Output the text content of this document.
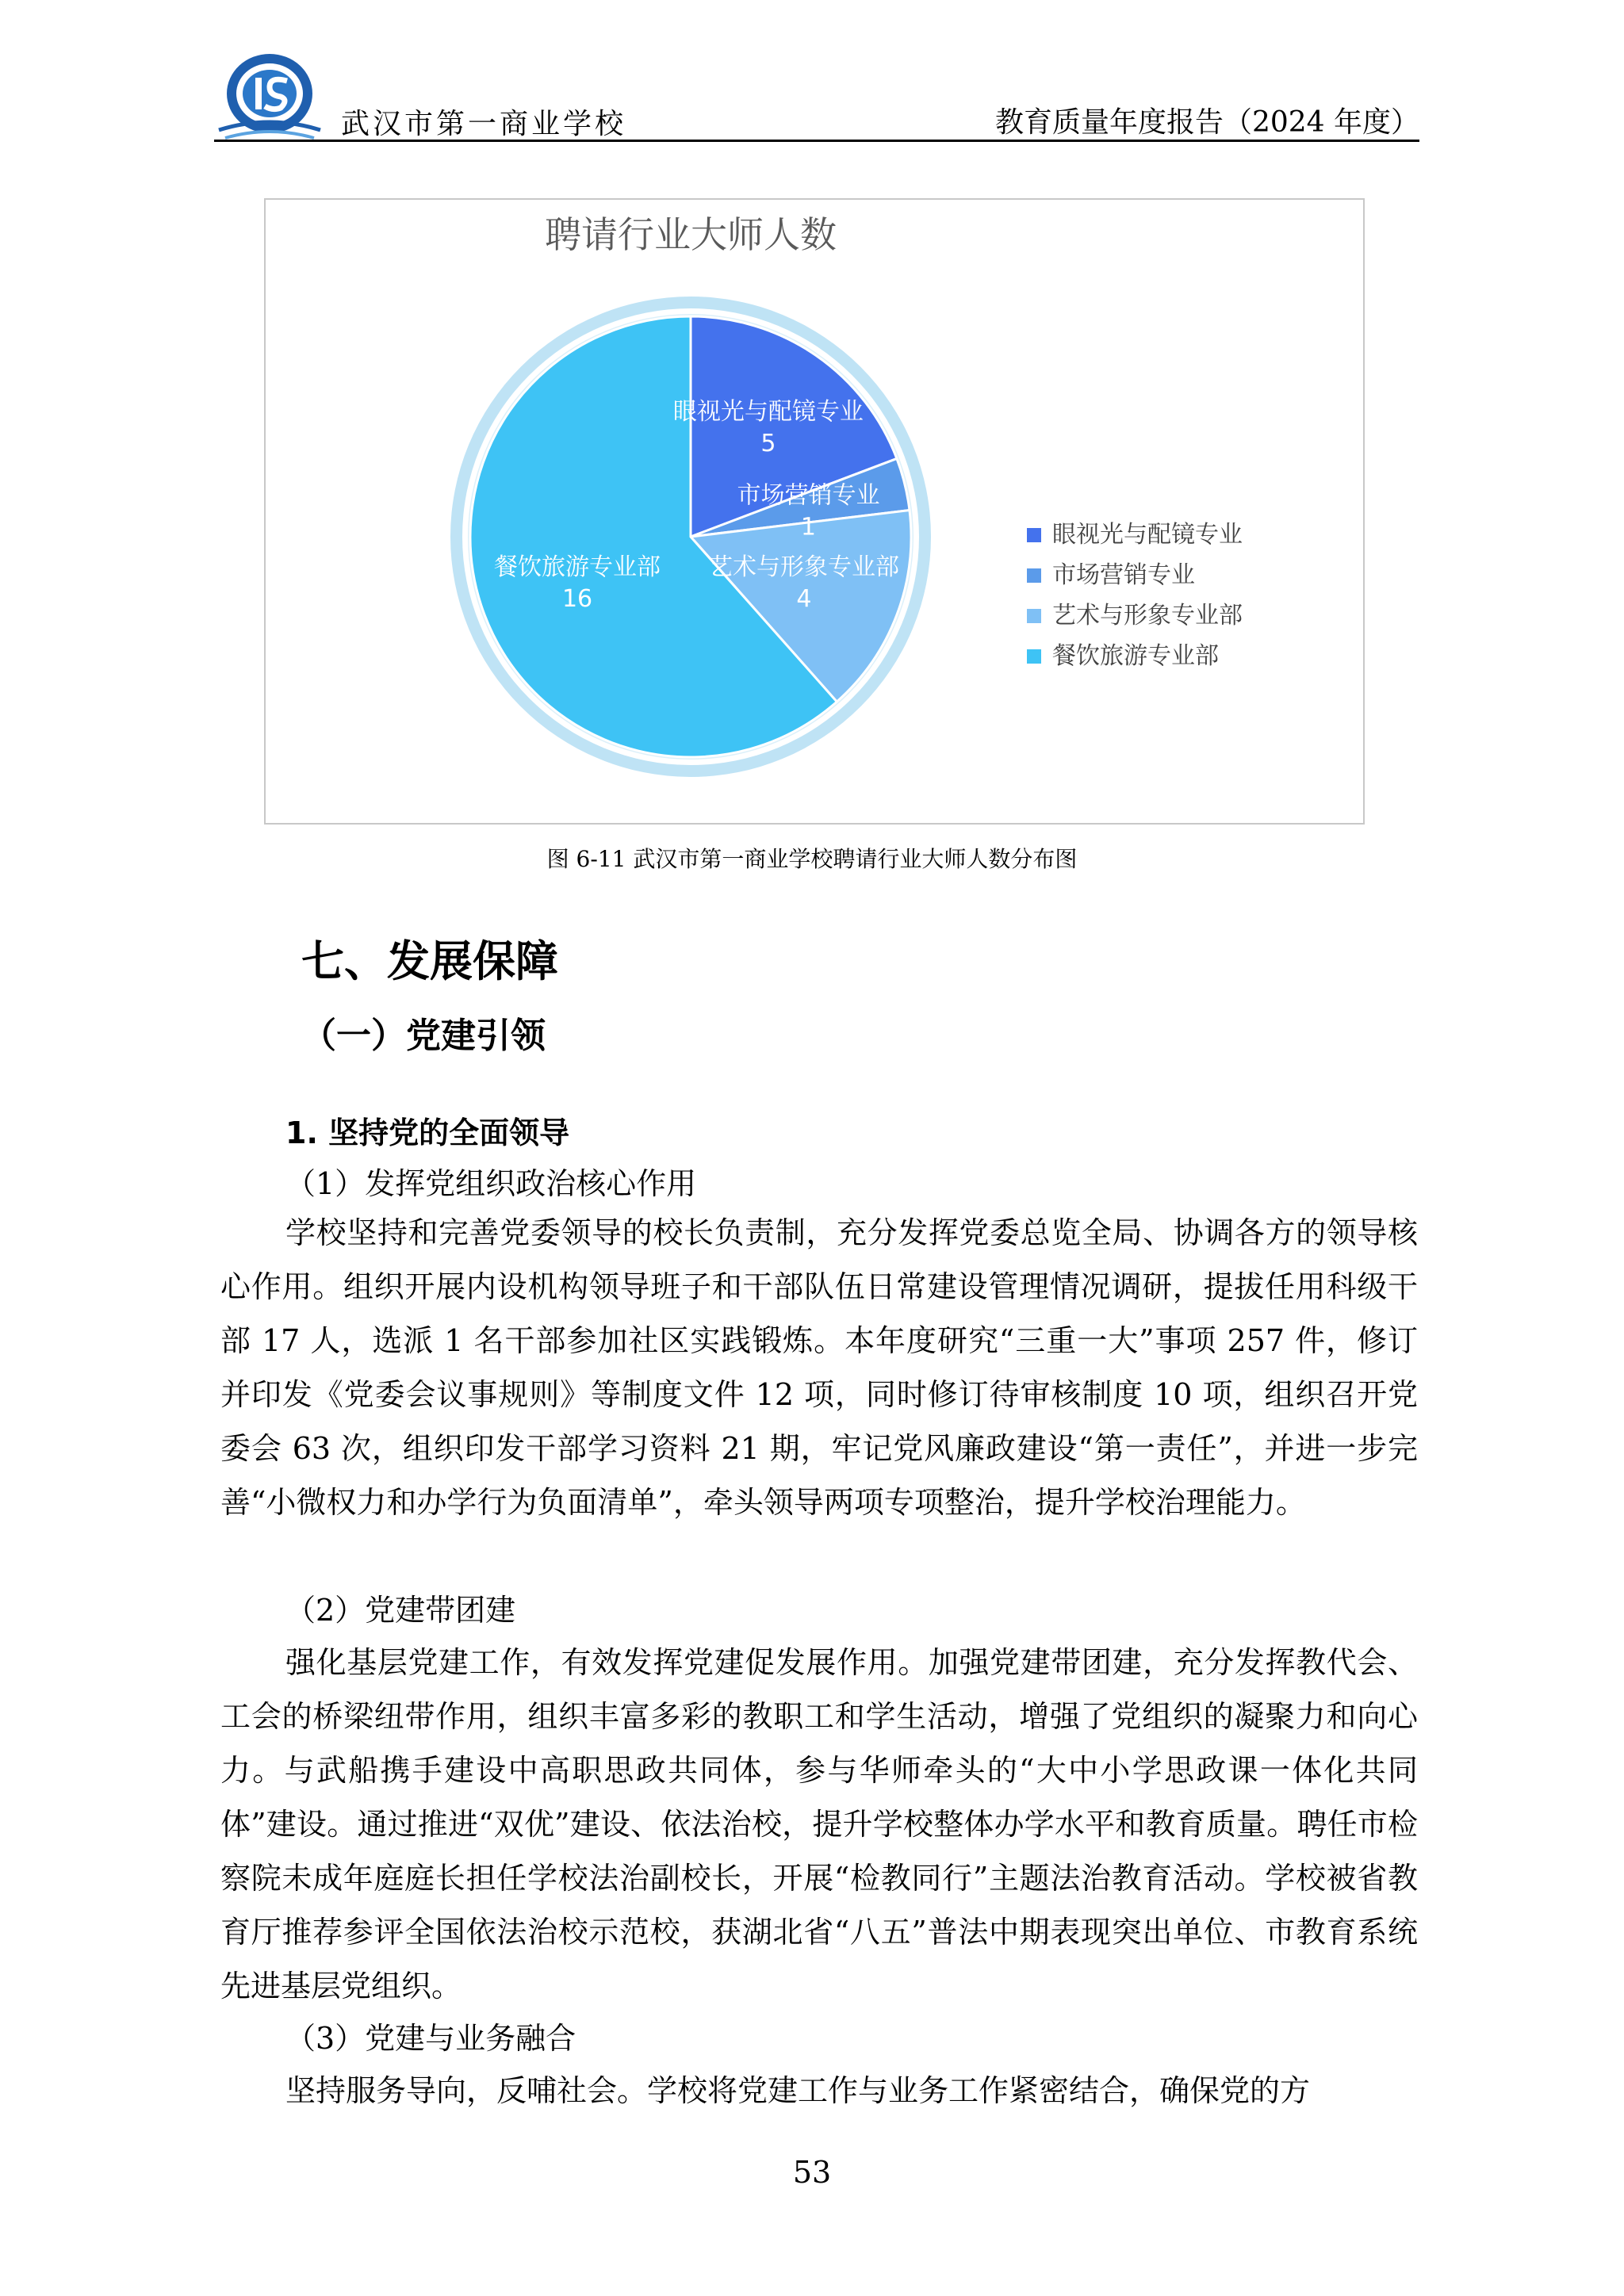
武汉市第一商业学校	教育质量年度报告（2024 年度）
聘请行业大师人数
眼视光与配镜专业
5
市场营销专业
1
艺术与形象专业部
4
餐饮旅游专业部
16
眼视光与配镜专业
市场营销专业
艺术与形象专业部
餐饮旅游专业部
图 6-11 武汉市第一商业学校聘请行业大师人数分布图
七、发展保障
（一）党建引领
1. 坚持党的全面领导
（1）发挥党组织政治核心作用

学校坚持和完善党委领导的校长负责制，充分发挥党委总览全局、协调各方的领导核心作用。组织开展内设机构领导班子和干部队伍日常建设管理情况调研，提拔任用科级干部 17 人，选派 1 名干部参加社区实践锻炼。本年度研究“三重一大”事项 257 件，修订并印发《党委会议事规则》等制度文件 12 项，同时修订待审核制度 10 项，组织召开党委会 63 次，组织印发干部学习资料 21 期，牢记党风廉政建设“第一责任”，并进一步完善“小微权力和办学行为负面清单”，牵头领导两项专项整治，提升学校治理能力。

（2）党建带团建

强化基层党建工作，有效发挥党建促发展作用。加强党建带团建，充分发挥教代会、工会的桥梁纽带作用，组织丰富多彩的教职工和学生活动，增强了党组织的凝聚力和向心力。与武船携手建设中高职思政共同体，参与华师牵头的“大中小学思政课一体化共同体”建设。通过推进“双优”建设、依法治校，提升学校整体办学水平和教育质量。聘任市检察院未成年庭庭长担任学校法治副校长，开展“检教同行”主题法治教育活动。学校被省教育厅推荐参评全国依法治校示范校，获湖北省“八五”普法中期表现突出单位、市教育系统先进基层党组织。

（3）党建与业务融合

坚持服务导向，反哺社会。学校将党建工作与业务工作紧密结合，确保党的方

53
